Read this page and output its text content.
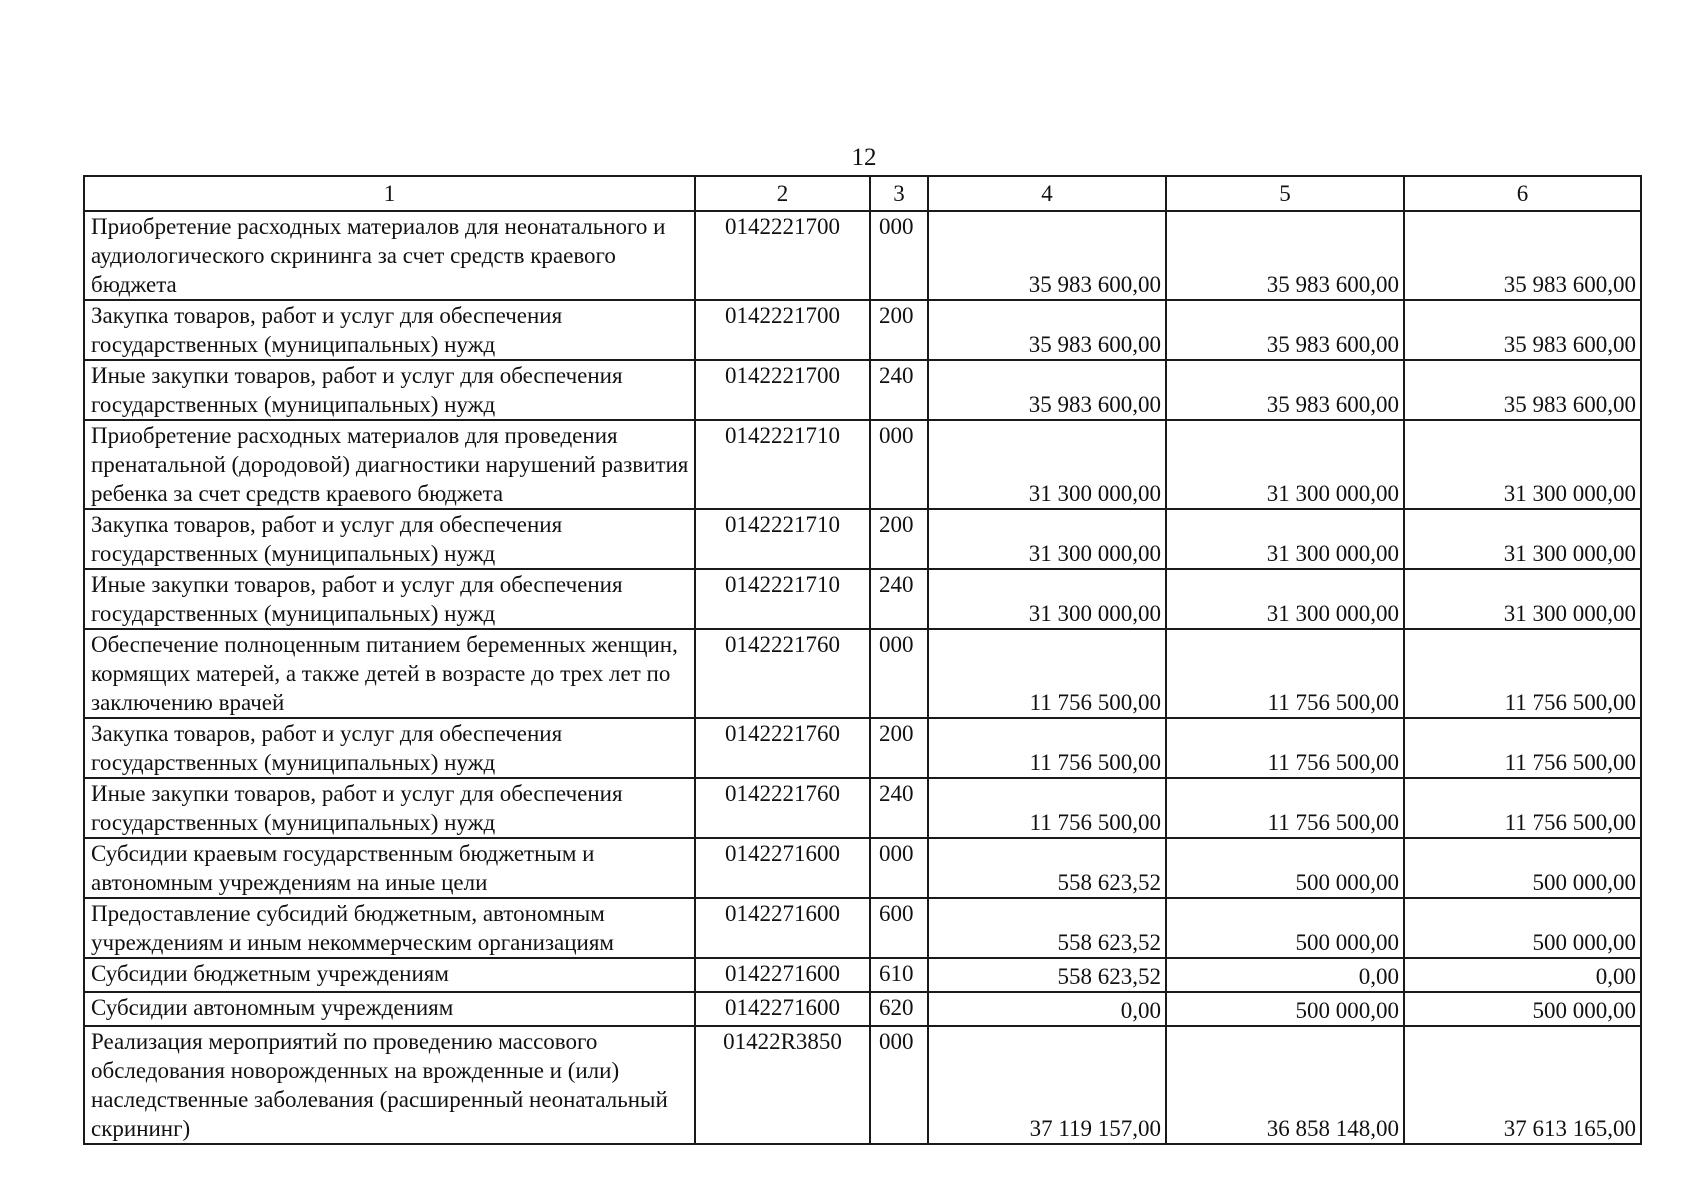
12
1	2	3	4	5	6
Приобретение расходных материалов для неонатального и аудиологического скрининга за счет средств краевого бюджета	0142221700	000	35 983 600,00	35 983 600,00	35 983 600,00
Закупка товаров, работ и услуг для обеспечения государственных (муниципальных) нужд	0142221700	200	35 983 600,00	35 983 600,00	35 983 600,00
Иные закупки товаров, работ и услуг для обеспечения государственных (муниципальных) нужд	0142221700	240	35 983 600,00	35 983 600,00	35 983 600,00
Приобретение расходных материалов для проведения пренатальной (дородовой) диагностики нарушений развития ребенка за счет средств краевого бюджета	0142221710	000	31 300 000,00	31 300 000,00	31 300 000,00
Закупка товаров, работ и услуг для обеспечения государственных (муниципальных) нужд	0142221710	200	31 300 000,00	31 300 000,00	31 300 000,00
Иные закупки товаров, работ и услуг для обеспечения государственных (муниципальных) нужд	0142221710	240	31 300 000,00	31 300 000,00	31 300 000,00
Обеспечение полноценным питанием беременных женщин, кормящих матерей, а также детей в возрасте до трех лет по заключению врачей	0142221760	000	11 756 500,00	11 756 500,00	11 756 500,00
Закупка товаров, работ и услуг для обеспечения государственных (муниципальных) нужд	0142221760	200	11 756 500,00	11 756 500,00	11 756 500,00
Иные закупки товаров, работ и услуг для обеспечения государственных (муниципальных) нужд	0142221760	240	11 756 500,00	11 756 500,00	11 756 500,00
Субсидии краевым государственным бюджетным и автономным учреждениям на иные цели	0142271600	000	558 623,52	500 000,00	500 000,00
Предоставление субсидий бюджетным, автономным учреждениям и иным некоммерческим организациям	0142271600	600	558 623,52	500 000,00	500 000,00
Субсидии бюджетным учреждениям	0142271600	610	558 623,52	0,00	0,00
Субсидии автономным учреждениям	0142271600	620	0,00	500 000,00	500 000,00
Реализация мероприятий по проведению массового обследования новорожденных на врожденные и (или) наследственные заболевания (расширенный неонатальный скрининг)	01422R3850	000	37 119 157,00	36 858 148,00	37 613 165,00
